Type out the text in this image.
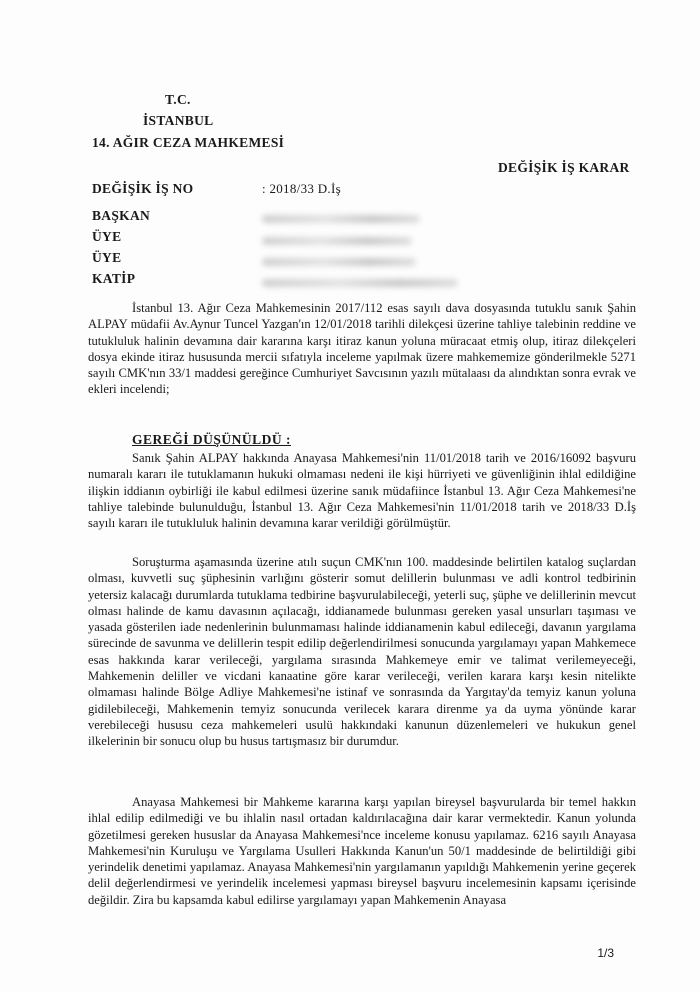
T.C.
İSTANBUL
14. AĞIR CEZA MAHKEMESİ
DEĞİŞİK İŞ KARAR
DEĞİŞİK İŞ NO	: 2018/33 D.İş
BAŞKAN
ÜYE
ÜYE
KATİP
İstanbul 13. Ağır Ceza Mahkemesinin 2017/112 esas sayılı dava dosyasında tutuklu sanık Şahin ALPAY müdafii Av.Aynur Tuncel Yazgan'ın 12/01/2018 tarihli dilekçesi üzerine tahliye talebinin reddine ve tutukluluk halinin devamına dair kararına karşı itiraz kanun yoluna müracaat etmiş olup, itiraz dilekçeleri dosya ekinde itiraz hususunda mercii sıfatıyla inceleme yapılmak üzere mahkememize gönderilmekle 5271 sayılı CMK'nın 33/1 maddesi gereğince Cumhuriyet Savcısının yazılı mütalaası da alındıktan sonra evrak ve ekleri incelendi;
GEREĞİ DÜŞÜNÜLDÜ :
Sanık Şahin ALPAY hakkında Anayasa Mahkemesi'nin 11/01/2018 tarih ve 2016/16092 başvuru numaralı kararı ile tutuklamanın hukuki olmaması nedeni ile kişi hürriyeti ve güvenliğinin ihlal edildiğine ilişkin iddianın oybirliği ile kabul edilmesi üzerine sanık müdafiince İstanbul 13. Ağır Ceza Mahkemesi'ne tahliye talebinde bulunulduğu, İstanbul 13. Ağır Ceza Mahkemesi'nin 11/01/2018 tarih ve 2018/33 D.İş sayılı kararı ile tutukluluk halinin devamına karar verildiği görülmüştür.
Soruşturma aşamasında üzerine atılı suçun CMK'nın 100. maddesinde belirtilen katalog suçlardan olması, kuvvetli suç şüphesinin varlığını gösterir somut delillerin bulunması ve adli kontrol tedbirinin yetersiz kalacağı durumlarda tutuklama tedbirine başvurulabileceği, yeterli suç, şüphe ve delillerinin mevcut olması halinde de kamu davasının açılacağı, iddianamede bulunması gereken yasal unsurları taşıması ve yasada gösterilen iade nedenlerinin bulunmaması halinde iddianamenin kabul edileceği, davanın yargılama sürecinde de savunma ve delillerin tespit edilip değerlendirilmesi sonucunda yargılamayı yapan Mahkemece esas hakkında karar verileceği, yargılama sırasında Mahkemeye emir ve talimat verilemeyeceği, Mahkemenin deliller ve vicdani kanaatine göre karar verileceği, verilen karara karşı kesin nitelikte olmaması halinde Bölge Adliye Mahkemesi'ne istinaf ve sonrasında da Yargıtay'da temyiz kanun yoluna gidilebileceği, Mahkemenin temyiz sonucunda verilecek karara direnme ya da uyma yönünde karar verebileceği hususu ceza mahkemeleri usulü hakkındaki kanunun düzenlemeleri ve hukukun genel ilkelerinin bir sonucu olup bu husus tartışmasız bir durumdur.
Anayasa Mahkemesi bir Mahkeme kararına karşı yapılan bireysel başvurularda bir temel hakkın ihlal edilip edilmediği ve bu ihlalin nasıl ortadan kaldırılacağına dair karar vermektedir. Kanun yolunda gözetilmesi gereken hususlar da Anayasa Mahkemesi'nce inceleme konusu yapılamaz. 6216 sayılı Anayasa Mahkemesi'nin Kuruluşu ve Yargılama Usulleri Hakkında Kanun'un 50/1 maddesinde de belirtildiği gibi yerindelik denetimi yapılamaz. Anayasa Mahkemesi'nin yargılamanın yapıldığı Mahkemenin yerine geçerek delil değerlendirmesi ve yerindelik incelemesi yapması bireysel başvuru incelemesinin kapsamı içerisinde değildir. Zira bu kapsamda kabul edilirse yargılamayı yapan Mahkemenin Anayasa
1/3
